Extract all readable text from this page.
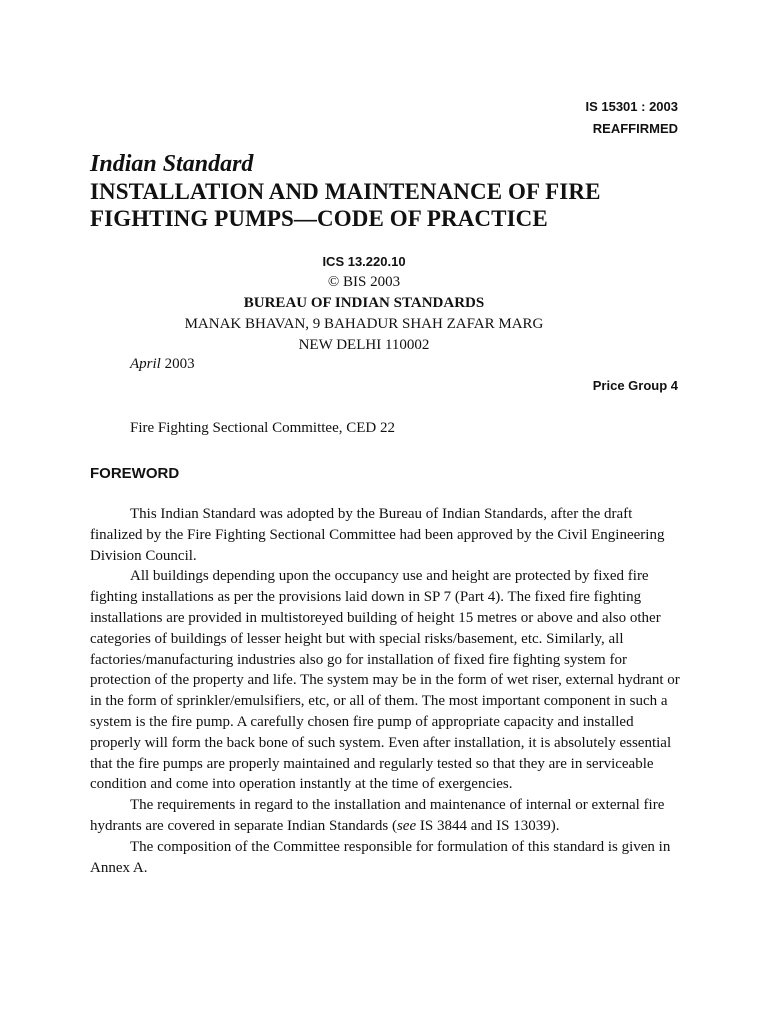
IS 15301 : 2003
REAFFIRMED
Indian Standard
INSTALLATION AND MAINTENANCE OF FIRE
FIGHTING PUMPS—CODE OF PRACTICE
ICS 13.220.10
© BIS 2003
BUREAU OF INDIAN STANDARDS
MANAK BHAVAN, 9 BAHADUR SHAH ZAFAR MARG
NEW DELHI 110002
April 2003
Price Group 4
Fire Fighting Sectional Committee, CED 22
FOREWORD

This Indian Standard was adopted by the Bureau of Indian Standards, after the draft finalized by the Fire Fighting Sectional Committee had been approved by the Civil Engineering Division Council.

All buildings depending upon the occupancy use and height are protected by fixed fire fighting installations as per the provisions laid down in SP 7 (Part 4). The fixed fire fighting installations are provided in multistoreyed building of height 15 metres or above and also other categories of buildings of lesser height but with special risks/basement, etc. Similarly, all factories/manufacturing industries also go for installation of fixed fire fighting system for protection of the property and life. The system may be in the form of wet riser, external hydrant or in the form of sprinkler/emulsifiers, etc, or all of them. The most important component in such a system is the fire pump. A carefully chosen fire pump of appropriate capacity and installed properly will form the back bone of such system. Even after installation, it is absolutely essential that the fire pumps are properly maintained and regularly tested so that they are in serviceable condition and come into operation instantly at the time of exergencies.

The requirements in regard to the installation and maintenance of internal or external fire hydrants are covered in separate Indian Standards (see IS 3844 and IS 13039).

The composition of the Committee responsible for formulation of this standard is given in Annex A.
